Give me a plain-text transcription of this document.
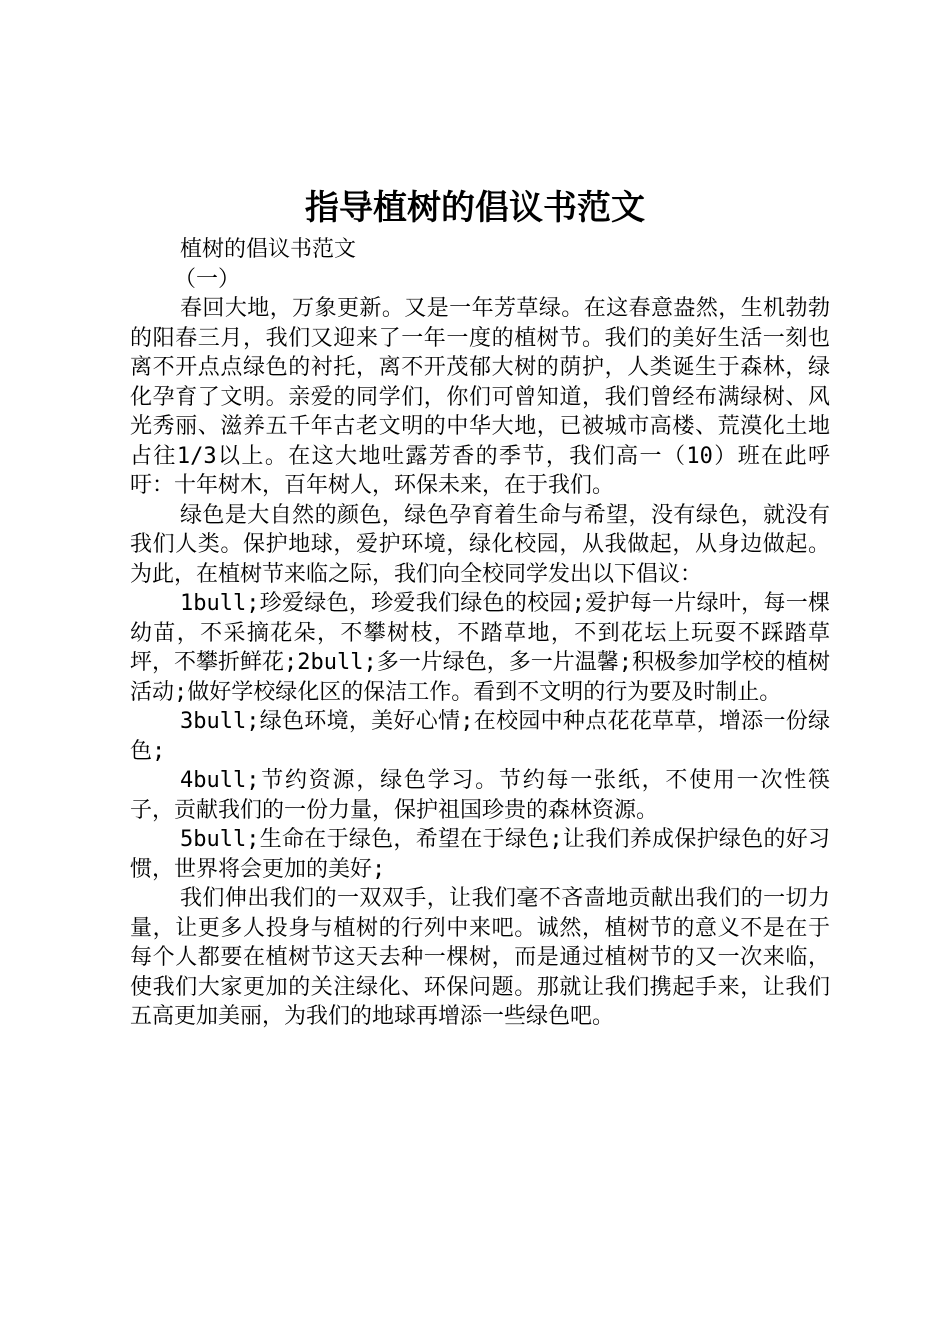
指导植树的倡议书范文

植树的倡议书范文

（一）

春回大地，万象更新。又是一年芳草绿。在这春意盎然，生机勃勃的阳春三月，我们又迎来了一年一度的植树节。我们的美好生活一刻也离不开点点绿色的衬托，离不开茂郁大树的荫护，人类诞生于森林，绿化孕育了文明。亲爱的同学们，你们可曾知道，我们曾经布满绿树、风光秀丽、滋养五千年古老文明的中华大地，已被城市高楼、荒漠化土地占往1/3以上。在这大地吐露芳香的季节，我们高一（10）班在此呼吁：十年树木，百年树人，环保未来，在于我们。

绿色是大自然的颜色，绿色孕育着生命与希望，没有绿色，就没有我们人类。保护地球，爱护环境，绿化校园，从我做起，从身边做起。为此，在植树节来临之际，我们向全校同学发出以下倡议：

1bull;珍爱绿色，珍爱我们绿色的校园;爱护每一片绿叶，每一棵幼苗，不采摘花朵，不攀树枝，不踏草地，不到花坛上玩耍不踩踏草坪，不攀折鲜花;2bull;多一片绿色，多一片温馨;积极参加学校的植树活动;做好学校绿化区的保洁工作。看到不文明的行为要及时制止。

3bull;绿色环境，美好心情;在校园中种点花花草草，增添一份绿色;

4bull;节约资源，绿色学习。节约每一张纸，不使用一次性筷子，贡献我们的一份力量，保护祖国珍贵的森林资源。

5bull;生命在于绿色，希望在于绿色;让我们养成保护绿色的好习惯，世界将会更加的美好;

我们伸出我们的一双双手，让我们毫不吝啬地贡献出我们的一切力量，让更多人投身与植树的行列中来吧。诚然，植树节的意义不是在于每个人都要在植树节这天去种一棵树，而是通过植树节的又一次来临，使我们大家更加的关注绿化、环保问题。那就让我们携起手来，让我们五高更加美丽，为我们的地球再增添一些绿色吧。
